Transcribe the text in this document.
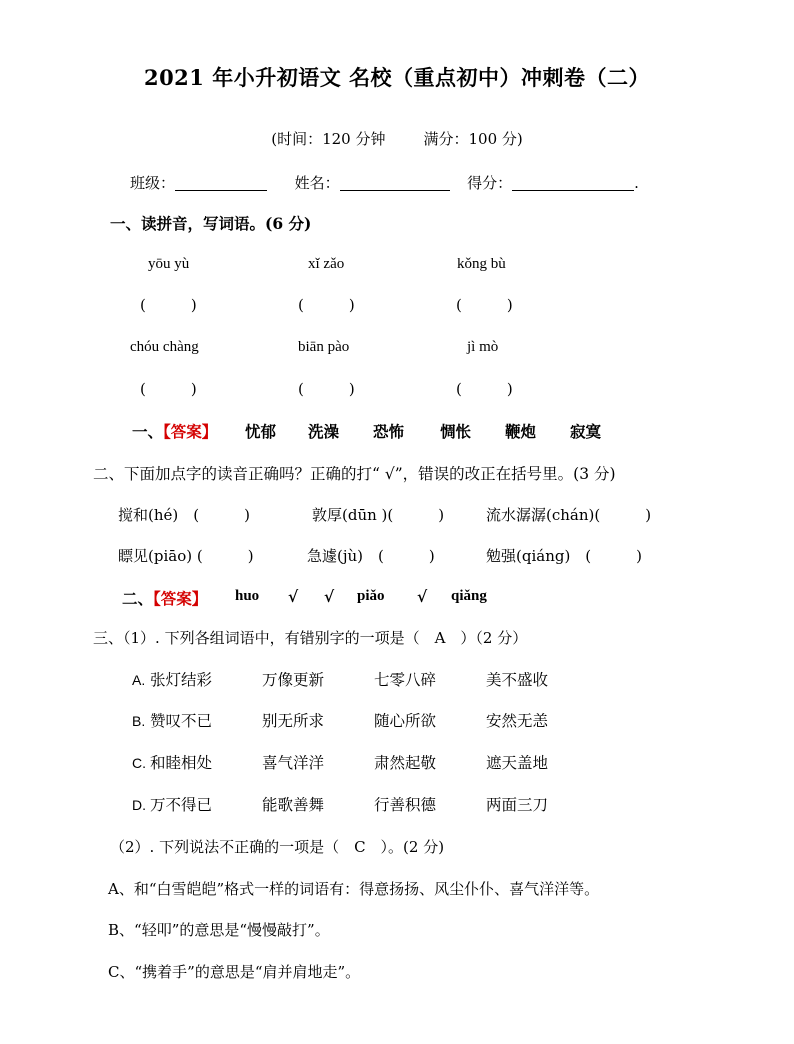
2021 年小升初语文 名校（重点初中）冲刺卷（二）
(时间：120 分钟	满分：100 分)
班级：	姓名：	得分：	.
一、读拼音，写词语。(6 分)
yōu yù	xǐ zǎo	kǒng bù
(　　　)	(　　　)	(　　　)
chóu chàng	biān pào	jì mò
(　　　)	(　　　)	(　　　)
一、【答案】 忧郁 洗澡 恐怖 惆怅 鞭炮 寂寞
二、下面加点字的读音正确吗？正确的打“ √”，错误的改正在括号里。(3 分)
搅和(hé)　(　　　)	敦厚(dūn )(　　　)	流水潺潺(chán)(　　　)
瞟见(piāo) (　　　)	急遽(jù)　(　　　)	勉强(qiáng)　(　　　)
二、【答案】 huo √ √ piǎo √ qiǎng
三、（1）. 下列各组词语中，有错别字的一项是（　A　）（2 分）
A. 张灯结彩	万像更新	七零八碎	美不盛收
B. 赞叹不已	别无所求	随心所欲	安然无恙
C. 和睦相处	喜气洋洋	肃然起敬	遮天盖地
D. 万不得已	能歌善舞	行善积德	两面三刀
（2）. 下列说法不正确的一项是（　C　）。(2 分)
A、和“白雪皑皑”格式一样的词语有：得意扬扬、风尘仆仆、喜气洋洋等。
B、“轻叩”的意思是“慢慢敲打”。
C、“携着手”的意思是“肩并肩地走”。
